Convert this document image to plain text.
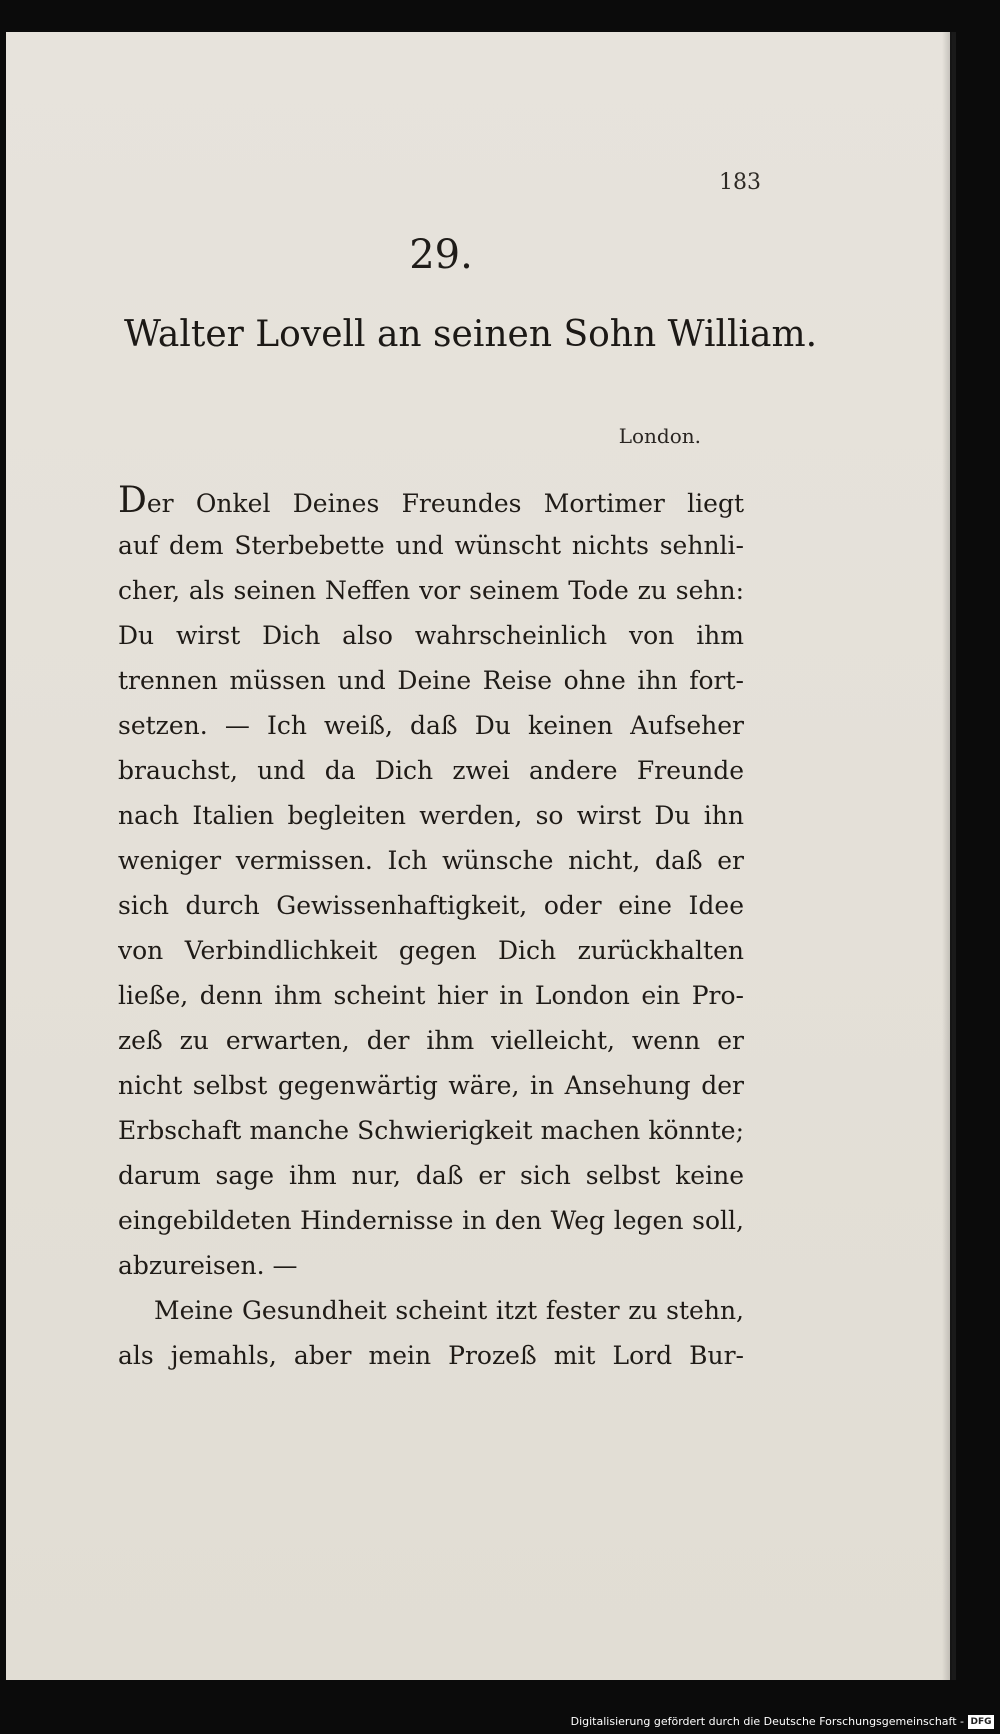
183
29.
Walter Lovell an seinen Sohn William.
London.
Der Onkel Deines Freundes Mortimer liegt
auf dem Sterbebette und wünscht nichts sehnli-
cher, als seinen Neffen vor seinem Tode zu sehn:
Du wirst Dich also wahrscheinlich von ihm
trennen müssen und Deine Reise ohne ihn fort-
setzen. — Ich weiß, daß Du keinen Aufseher
brauchst, und da Dich zwei andere Freunde
nach Italien begleiten werden, so wirst Du ihn
weniger vermissen. Ich wünsche nicht, daß er
sich durch Gewissenhaftigkeit, oder eine Idee
von Verbindlichkeit gegen Dich zurückhalten
ließe, denn ihm scheint hier in London ein Pro-
zeß zu erwarten, der ihm vielleicht, wenn er
nicht selbst gegenwärtig wäre, in Ansehung der
Erbschaft manche Schwierigkeit machen könnte;
darum sage ihm nur, daß er sich selbst keine
eingebildeten Hindernisse in den Weg legen soll,
abzureisen. —
Meine Gesundheit scheint itzt fester zu stehn,
als jemahls, aber mein Prozeß mit Lord Bur-
Digitalisierung gefördert durch die Deutsche Forschungsgemeinschaft - DFG
